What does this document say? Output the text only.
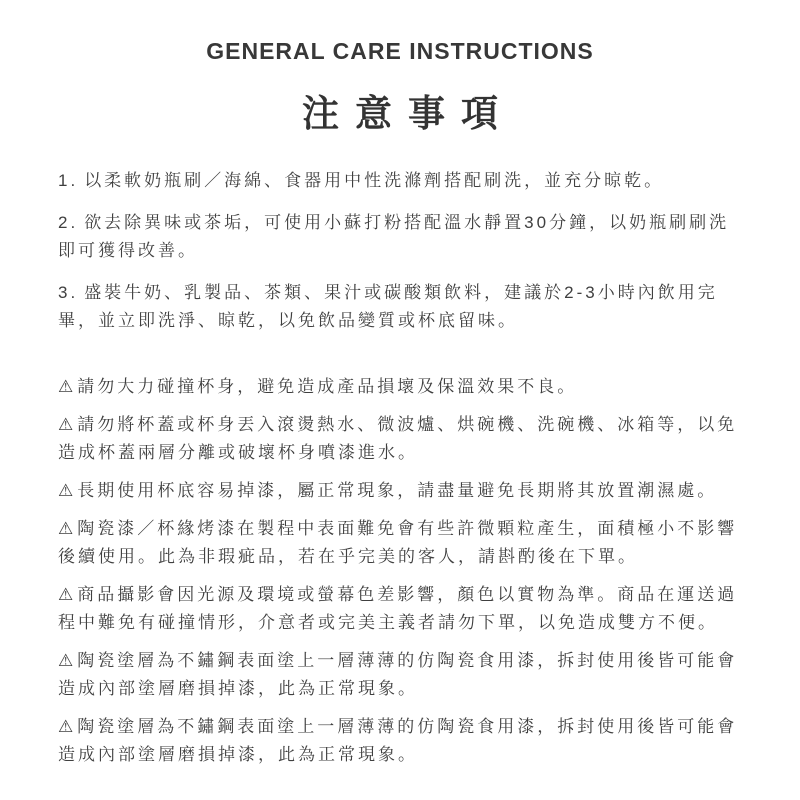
GENERAL CARE INSTRUCTIONS
注意事項

1. 以柔軟奶瓶刷／海綿、食器用中性洗滌劑搭配刷洗，並充分晾乾。

2. 欲去除異味或茶垢，可使用小蘇打粉搭配溫水靜置30分鐘，以奶瓶刷刷洗即可獲得改善。

3. 盛裝牛奶、乳製品、茶類、果汁或碳酸類飲料，建議於2-3小時內飲用完畢，並立即洗淨、晾乾，以免飲品變質或杯底留味。

⚠請勿大力碰撞杯身，避免造成產品損壞及保溫效果不良。

⚠請勿將杯蓋或杯身丟入滾燙熱水、微波爐、烘碗機、洗碗機、冰箱等，以免造成杯蓋兩層分離或破壞杯身噴漆進水。

⚠長期使用杯底容易掉漆，屬正常現象，請盡量避免長期將其放置潮濕處。

⚠陶瓷漆／杯緣烤漆在製程中表面難免會有些許微顆粒產生，面積極小不影響後續使用。此為非瑕疵品，若在乎完美的客人，請斟酌後在下單。

⚠商品攝影會因光源及環境或螢幕色差影響，顏色以實物為準。商品在運送過程中難免有碰撞情形，介意者或完美主義者請勿下單，以免造成雙方不便。

⚠陶瓷塗層為不鏽鋼表面塗上一層薄薄的仿陶瓷食用漆，拆封使用後皆可能會造成內部塗層磨損掉漆，此為正常現象。

⚠陶瓷塗層為不鏽鋼表面塗上一層薄薄的仿陶瓷食用漆，拆封使用後皆可能會造成內部塗層磨損掉漆，此為正常現象。
